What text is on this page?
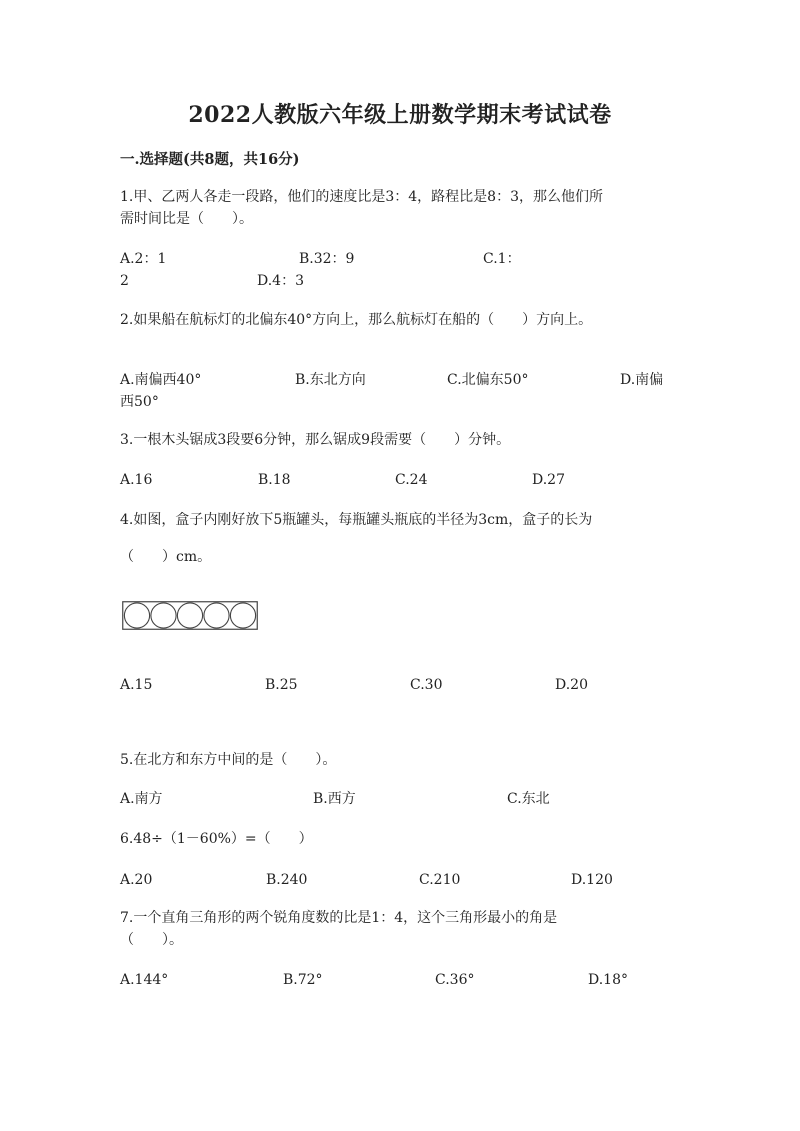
2022人教版六年级上册数学期末考试试卷
一.选择题(共8题，共16分)
1.甲、乙两人各走一段路，他们的速度比是3：4，路程比是8：3，那么他们所
需时间比是（　　）。
A.2：1	B.32：9	C.1：
2	D.4：3
2.如果船在航标灯的北偏东40°方向上，那么航标灯在船的（　　）方向上。
A.南偏西40°	B.东北方向	C.北偏东50°	D.南偏
西50°
3.一根木头锯成3段要6分钟，那么锯成9段需要（　　）分钟。
A.16	B.18	C.24	D.27
4.如图，盒子内刚好放下5瓶罐头，每瓶罐头瓶底的半径为3cm，盒子的长为
（　　）cm。
A.15	B.25	C.30	D.20
5.在北方和东方中间的是（　　）。
A.南方	B.西方	C.东北
6.48÷（1－60%）=（　　）
A.20	B.240	C.210	D.120
7.一个直角三角形的两个锐角度数的比是1：4，这个三角形最小的角是
（　　）。
A.144°	B.72°	C.36°	D.18°
